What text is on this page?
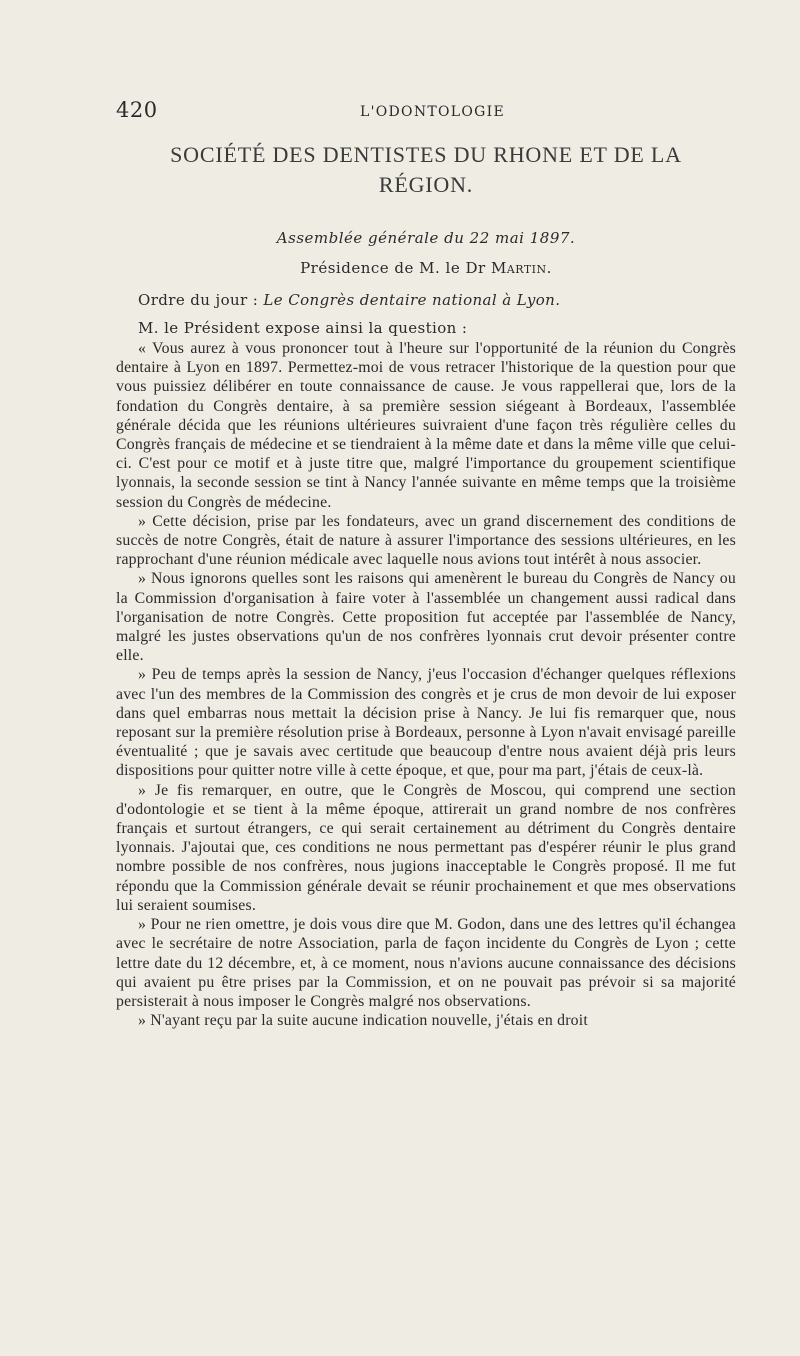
420	L'ODONTOLOGIE
SOCIÉTÉ DES DENTISTES DU RHONE ET DE LA RÉGION.
Assemblée générale du 22 mai 1897.
Présidence de M. le Dr Martin.
Ordre du jour : Le Congrès dentaire national à Lyon.
M. le Président expose ainsi la question :

« Vous aurez à vous prononcer tout à l'heure sur l'opportunité de la réunion du Congrès dentaire à Lyon en 1897. Permettez-moi de vous retracer l'historique de la question pour que vous puissiez délibérer en toute connaissance de cause. Je vous rappellerai que, lors de la fondation du Congrès dentaire, à sa première session siégeant à Bordeaux, l'assemblée générale décida que les réunions ultérieures suivraient d'une façon très régulière celles du Congrès français de médecine et se tiendraient à la même date et dans la même ville que celui-ci. C'est pour ce motif et à juste titre que, malgré l'importance du groupement scientifique lyonnais, la seconde session se tint à Nancy l'année suivante en même temps que la troisième session du Congrès de médecine.

» Cette décision, prise par les fondateurs, avec un grand discernement des conditions de succès de notre Congrès, était de nature à assurer l'importance des sessions ultérieures, en les rapprochant d'une réunion médicale avec laquelle nous avions tout intérêt à nous associer.

» Nous ignorons quelles sont les raisons qui amenèrent le bureau du Congrès de Nancy ou la Commission d'organisation à faire voter à l'assemblée un changement aussi radical dans l'organisation de notre Congrès. Cette proposition fut acceptée par l'assemblée de Nancy, malgré les justes observations qu'un de nos confrères lyonnais crut devoir présenter contre elle.

» Peu de temps après la session de Nancy, j'eus l'occasion d'échanger quelques réflexions avec l'un des membres de la Commission des congrès et je crus de mon devoir de lui exposer dans quel embarras nous mettait la décision prise à Nancy. Je lui fis remarquer que, nous reposant sur la première résolution prise à Bordeaux, personne à Lyon n'avait envisagé pareille éventualité ; que je savais avec certitude que beaucoup d'entre nous avaient déjà pris leurs dispositions pour quitter notre ville à cette époque, et que, pour ma part, j'étais de ceux-là.

» Je fis remarquer, en outre, que le Congrès de Moscou, qui comprend une section d'odontologie et se tient à la même époque, attirerait un grand nombre de nos confrères français et surtout étrangers, ce qui serait certainement au détriment du Congrès dentaire lyonnais. J'ajoutai que, ces conditions ne nous permettant pas d'espérer réunir le plus grand nombre possible de nos confrères, nous jugions inacceptable le Congrès proposé. Il me fut répondu que la Commission générale devait se réunir prochainement et que mes observations lui seraient soumises.

» Pour ne rien omettre, je dois vous dire que M. Godon, dans une des lettres qu'il échangea avec le secrétaire de notre Association, parla de façon incidente du Congrès de Lyon ; cette lettre date du 12 décembre, et, à ce moment, nous n'avions aucune connaissance des décisions qui avaient pu être prises par la Commission, et on ne pouvait pas prévoir si sa majorité persisterait à nous imposer le Congrès malgré nos observations.

» N'ayant reçu par la suite aucune indication nouvelle, j'étais en droit
